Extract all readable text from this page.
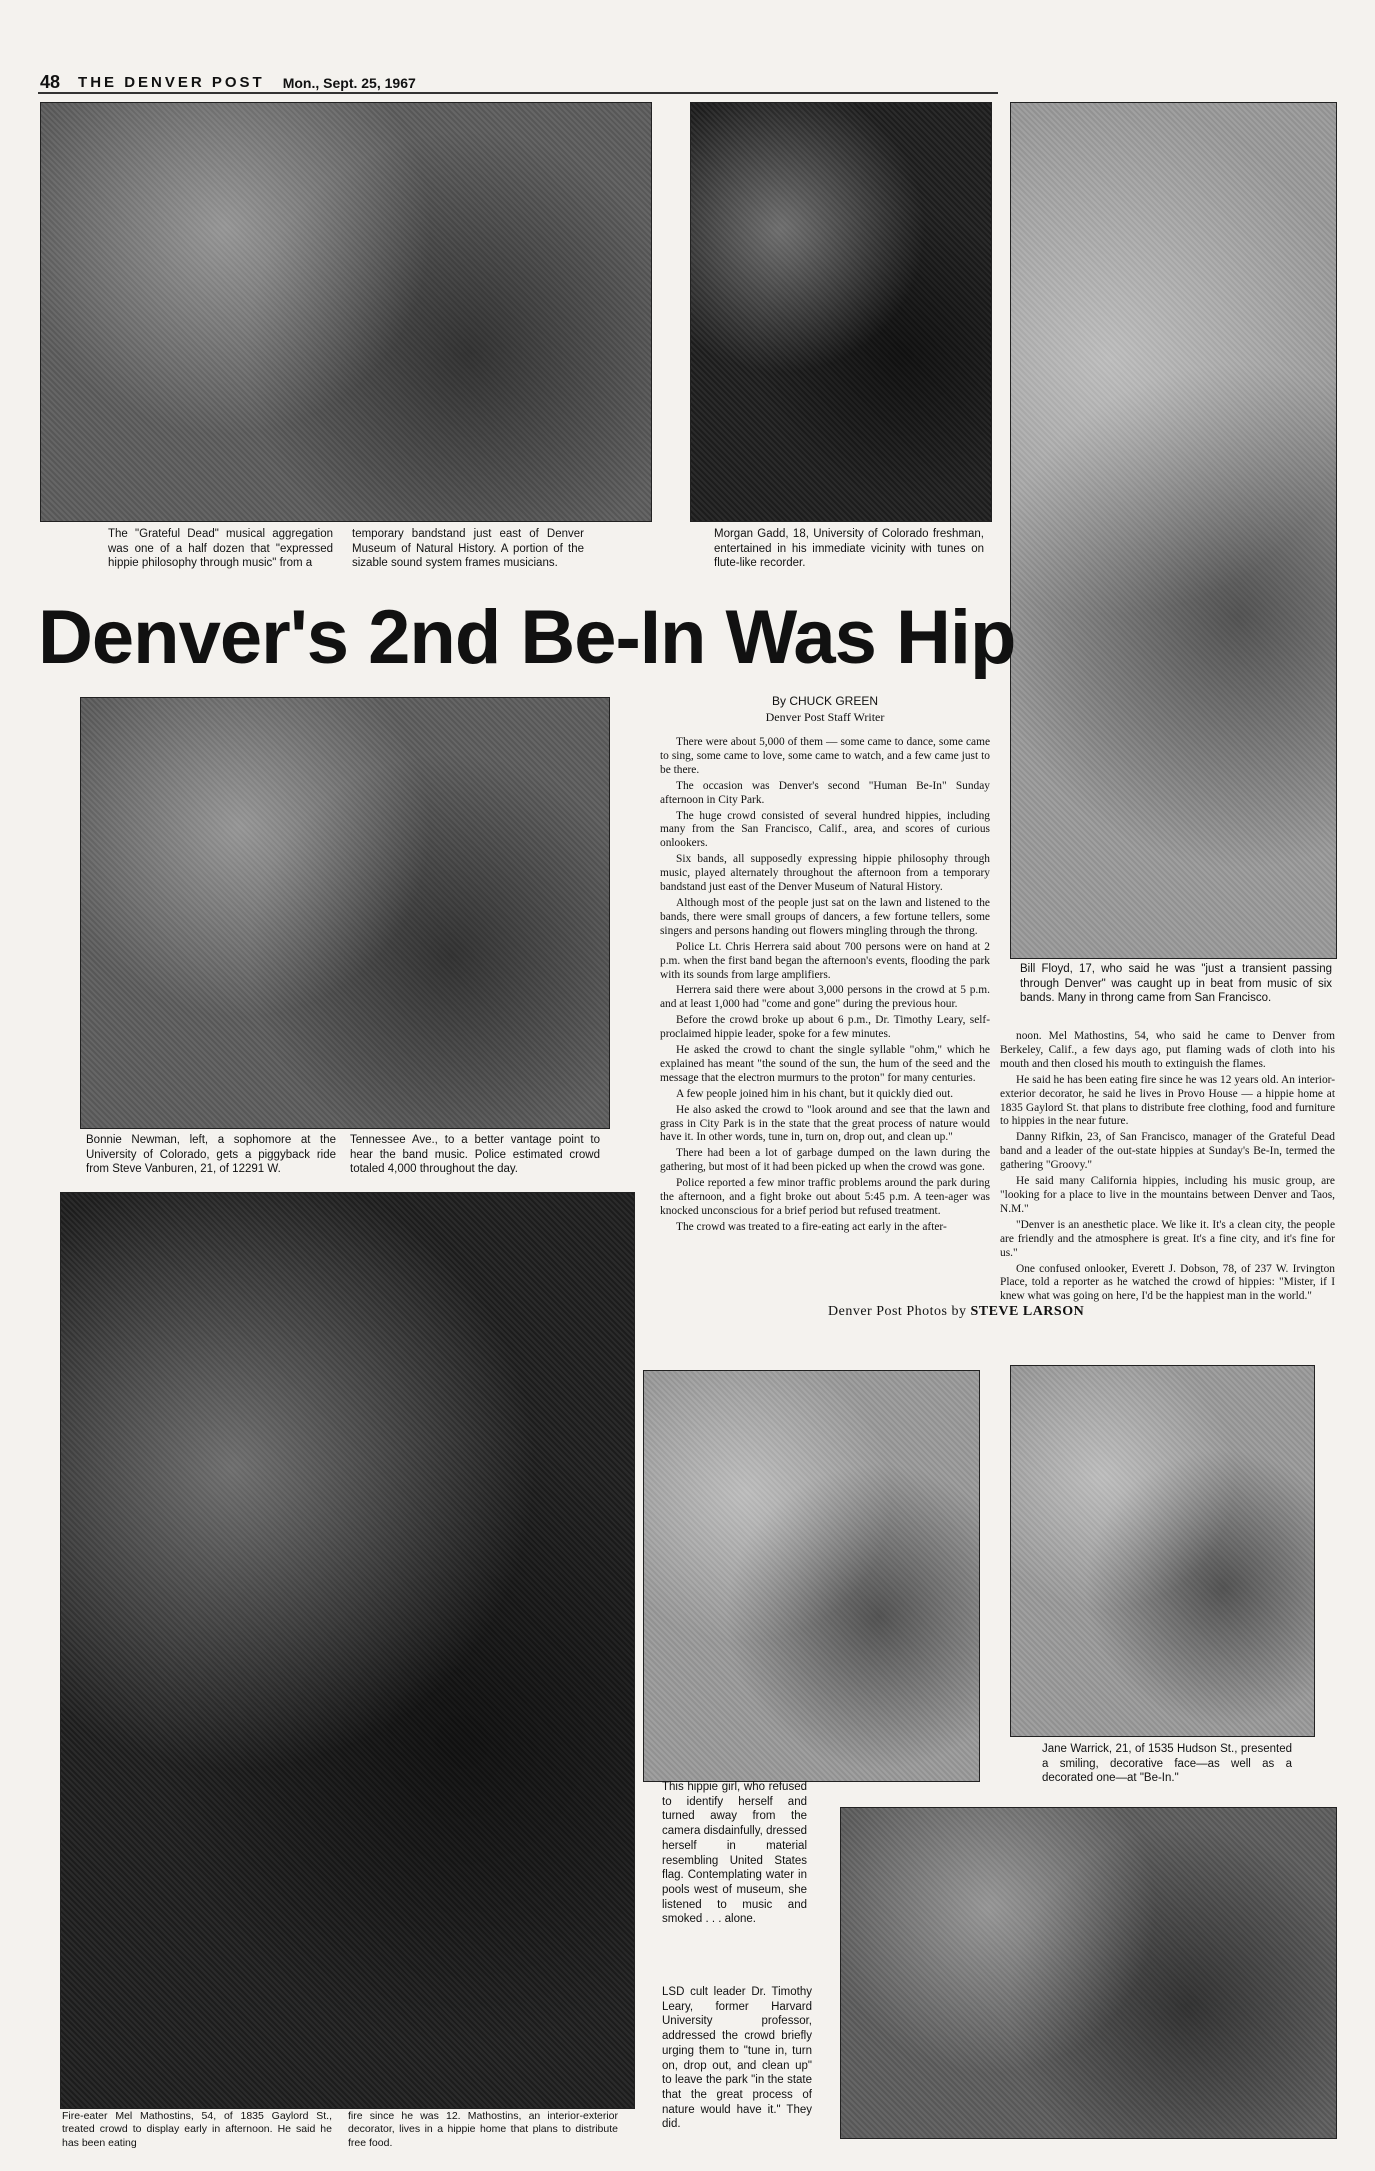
48 THE DENVER POST Mon., Sept. 25, 1967
The "Grateful Dead" musical aggregation was one of a half dozen that "expressed hippie philosophy through music" from a
temporary bandstand just east of Denver Museum of Natural History. A portion of the sizable sound system frames musicians.
Morgan Gadd, 18, University of Colorado freshman, entertained in his immediate vicinity with tunes on flute-like recorder.
Denver's 2nd Be-In Was Hip
Bonnie Newman, left, a sophomore at the University of Colorado, gets a piggyback ride from Steve Vanburen, 21, of 12291 W.
Tennessee Ave., to a better vantage point to hear the band music. Police estimated crowd totaled 4,000 throughout the day.
By CHUCK GREEN
Denver Post Staff Writer

There were about 5,000 of them — some came to dance, some came to sing, some came to love, some came to watch, and a few came just to be there.

The occasion was Denver's second "Human Be-In" Sunday afternoon in City Park.

The huge crowd consisted of several hundred hippies, including many from the San Francisco, Calif., area, and scores of curious onlookers.

Six bands, all supposedly expressing hippie philosophy through music, played alternately throughout the afternoon from a temporary bandstand just east of the Denver Museum of Natural History.

Although most of the people just sat on the lawn and listened to the bands, there were small groups of dancers, a few fortune tellers, some singers and persons handing out flowers mingling through the throng.

Police Lt. Chris Herrera said about 700 persons were on hand at 2 p.m. when the first band began the afternoon's events, flooding the park with its sounds from large amplifiers.

Herrera said there were about 3,000 persons in the crowd at 5 p.m. and at least 1,000 had "come and gone" during the previous hour.

Before the crowd broke up about 6 p.m., Dr. Timothy Leary, self-proclaimed hippie leader, spoke for a few minutes.

He asked the crowd to chant the single syllable "ohm," which he explained has meant "the sound of the sun, the hum of the seed and the message that the electron murmurs to the proton" for many centuries.

A few people joined him in his chant, but it quickly died out.

He also asked the crowd to "look around and see that the lawn and grass in City Park is in the state that the great process of nature would have it. In other words, tune in, turn on, drop out, and clean up."

There had been a lot of garbage dumped on the lawn during the gathering, but most of it had been picked up when the crowd was gone.

Police reported a few minor traffic problems around the park during the afternoon, and a fight broke out about 5:45 p.m. A teen-ager was knocked unconscious for a brief period but refused treatment.

The crowd was treated to a fire-eating act early in the after-

Bill Floyd, 17, who said he was "just a transient passing through Denver" was caught up in beat from music of six bands. Many in throng came from San Francisco.

noon. Mel Mathostins, 54, who said he came to Denver from Berkeley, Calif., a few days ago, put flaming wads of cloth into his mouth and then closed his mouth to extinguish the flames.

He said he has been eating fire since he was 12 years old. An interior-exterior decorator, he said he lives in Provo House — a hippie home at 1835 Gaylord St. that plans to distribute free clothing, food and furniture to hippies in the near future.

Danny Rifkin, 23, of San Francisco, manager of the Grateful Dead band and a leader of the out-state hippies at Sunday's Be-In, termed the gathering "Groovy."

He said many California hippies, including his music group, are "looking for a place to live in the mountains between Denver and Taos, N.M."

"Denver is an anesthetic place. We like it. It's a clean city, the people are friendly and the atmosphere is great. It's a fine city, and it's fine for us."

One confused onlooker, Everett J. Dobson, 78, of 237 W. Irvington Place, told a reporter as he watched the crowd of hippies: "Mister, if I knew what was going on here, I'd be the happiest man in the world."

Denver Post Photos by STEVE LARSON
Fire-eater Mel Mathostins, 54, of 1835 Gaylord St., treated crowd to display early in afternoon. He said he has been eating
fire since he was 12. Mathostins, an interior-exterior decorator, lives in a hippie home that plans to distribute free food.
This hippie girl, who refused to identify herself and turned away from the camera disdainfully, dressed herself in material resembling United States flag. Contemplating water in pools west of museum, she listened to music and smoked . . . alone.
Jane Warrick, 21, of 1535 Hudson St., presented a smiling, decorative face—as well as a decorated one—at "Be-In."
LSD cult leader Dr. Timothy Leary, former Harvard University professor, addressed the crowd briefly urging them to "tune in, turn on, drop out, and clean up" to leave the park "in the state that the great process of nature would have it." They did.
